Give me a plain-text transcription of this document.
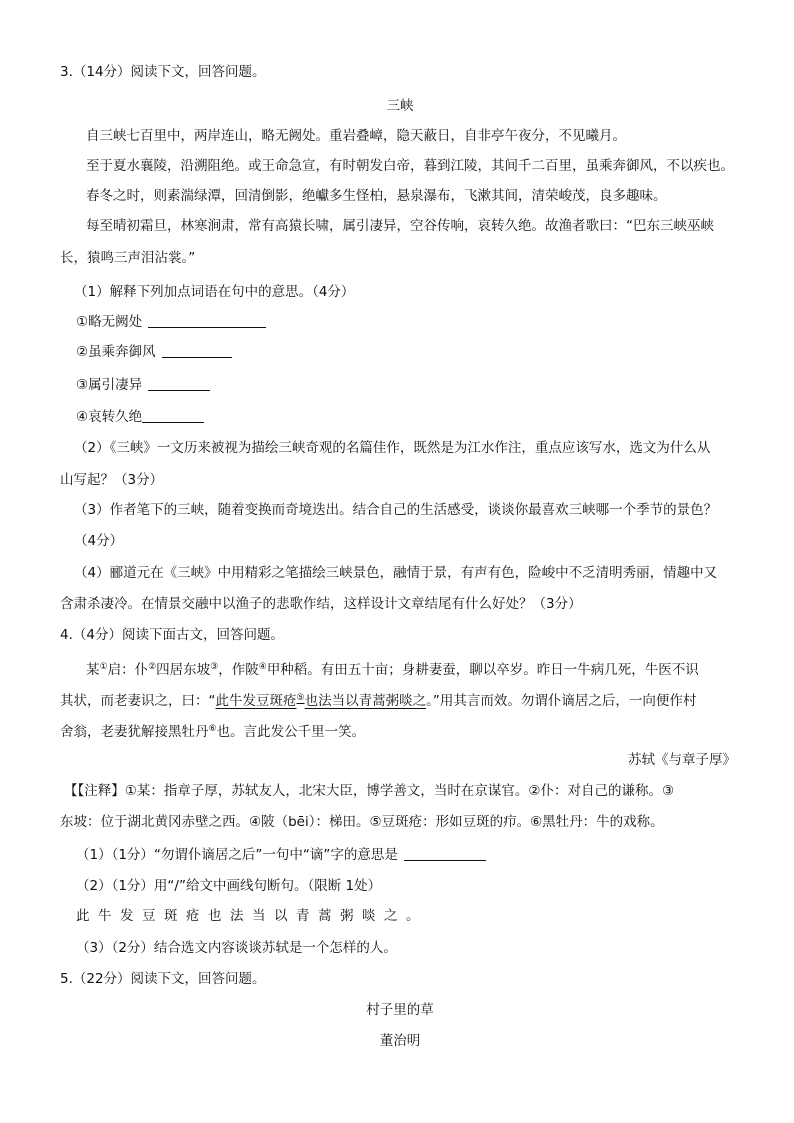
3.（14分）阅读下文，回答问题。
三峡
自三峡七百里中，两岸连山，略无阙处。重岩叠嶂，隐天蔽日，自非亭午夜分，不见曦月。
至于夏水襄陵，沿溯阻绝。或王命急宣，有时朝发白帝，暮到江陵，其间千二百里，虽乘奔御风，不以疾也。
春冬之时，则素湍绿潭，回清倒影，绝巘多生怪柏，悬泉瀑布，飞漱其间，清荣峻茂，良多趣味。
每至晴初霜旦，林寒涧肃，常有高猿长啸，属引凄异，空谷传响，哀转久绝。故渔者歌曰：“巴东三峡巫峡
长，猿鸣三声泪沾裳。”
（1）解释下列加点词语在句中的意思。（4分）
①略无阙处
②虽乘奔御风
③属引凄异
④哀转久绝
（2）《三峡》一文历来被视为描绘三峡奇观的名篇佳作，既然是为江水作注，重点应该写水，选文为什么从
山写起？（3分）
（3）作者笔下的三峡，随着变换而奇境迭出。结合自己的生活感受，谈谈你最喜欢三峡哪一个季节的景色？
（4分）
（4）郦道元在《三峡》中用精彩之笔描绘三峡景色，融情于景，有声有色，险峻中不乏清明秀丽，情趣中又
含肃杀凄冷。在情景交融中以渔子的悲歌作结，这样设计文章结尾有什么好处？（3分）
4.（4分）阅读下面古文，回答问题。
某①启：仆②四居东坡③，作陂④甲种稻。有田五十亩；身耕妻蚕，聊以卒岁。昨日一牛病几死，牛医不识
其状，而老妻识之，曰：“此牛发豆斑疮⑤也法当以青蒿粥啖之。”用其言而效。勿谓仆谪居之后，一向便作村
舍翁，老妻犹解接黑牡丹⑥也。言此发公千里一笑。
苏轼《与章子厚》
【【注释】①某：指章子厚，苏轼友人，北宋大臣，博学善文，当时在京谋官。②仆：对自己的谦称。③
东坡：位于湖北黄冈赤壁之西。④陂（bēi）：梯田。⑤豆斑疮：形如豆斑的疖。⑥黑牡丹：牛的戏称。
（1）（1分）“勿谓仆谪居之后”一句中“谪”字的意思是
（2）（1分）用“/”给文中画线句断句。（限断 1处）
此牛发豆斑疮也法当以青蒿粥啖之。
（3）（2分）结合选文内容谈谈苏轼是一个怎样的人。
5.（22分）阅读下文，回答问题。
村子里的草
董治明
